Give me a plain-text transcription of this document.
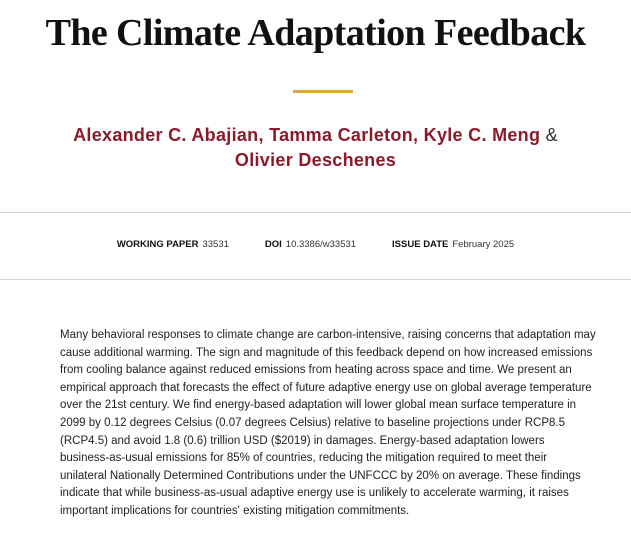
The Climate Adaptation Feedback
Alexander C. Abajian, Tamma Carleton, Kyle C. Meng &
Olivier Deschenes
WORKING PAPER 33531	DOI 10.3386/w33531	ISSUE DATE February 2025

Many behavioral responses to climate change are carbon-intensive, raising concerns that adaptation may cause additional warming. The sign and magnitude of this feedback depend on how increased emissions from cooling balance against reduced emissions from heating across space and time. We present an empirical approach that forecasts the effect of future adaptive energy use on global average temperature over the 21st century. We find energy-based adaptation will lower global mean surface temperature in 2099 by 0.12 degrees Celsius (0.07 degrees Celsius) relative to baseline projections under RCP8.5 (RCP4.5) and avoid 1.8 (0.6) trillion USD ($2019) in damages. Energy-based adaptation lowers business-as-usual emissions for 85% of countries, reducing the mitigation required to meet their unilateral Nationally Determined Contributions under the UNFCCC by 20% on average. These findings indicate that while business-as-usual adaptive energy use is unlikely to accelerate warming, it raises important implications for countries' existing mitigation commitments.
